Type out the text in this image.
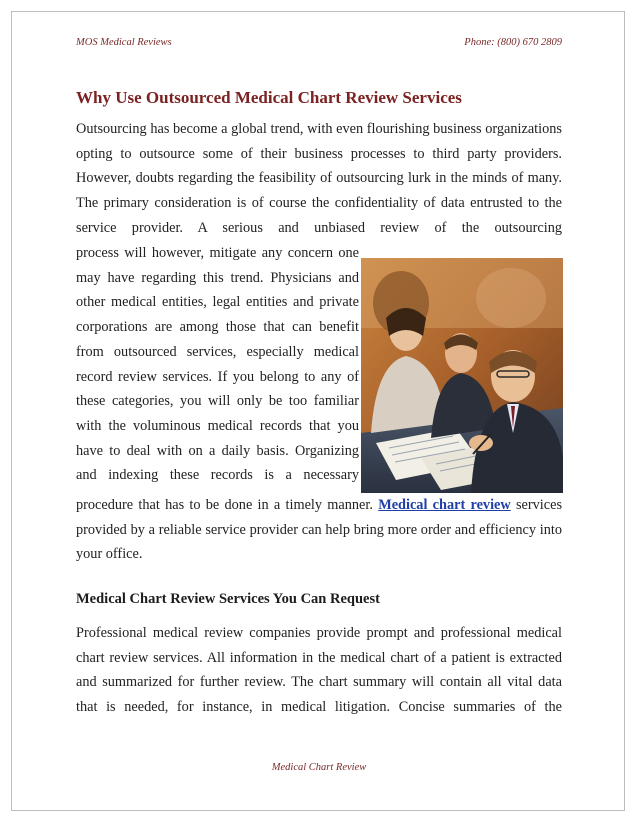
MOS Medical Reviews	Phone: (800) 670 2809
Why Use Outsourced Medical Chart Review Services

Outsourcing has become a global trend, with even flourishing business organizations opting to outsource some of their business processes to third party providers. However, doubts regarding the feasibility of outsourcing lurk in the minds of many. The primary consideration is of course the confidentiality of data entrusted to the service provider. A serious and unbiased review of the outsourcing

process will however, mitigate any concern one may have regarding this trend. Physicians and other medical entities, legal entities and private corporations are among those that can benefit from outsourced services, especially medical record review services. If you belong to any of these categories, you will only be too familiar with the voluminous medical records that you have to deal with on a daily basis. Organizing and indexing these records is a necessary

procedure that has to be done in a timely manner. Medical chart review services provided by a reliable service provider can help bring more order and efficiency into your office.

Medical Chart Review Services You Can Request

Professional medical review companies provide prompt and professional medical chart review services. All information in the medical chart of a patient is extracted and summarized for further review. The chart summary will contain all vital data that is needed, for instance, in medical litigation. Concise summaries of the

Medical Chart Review
